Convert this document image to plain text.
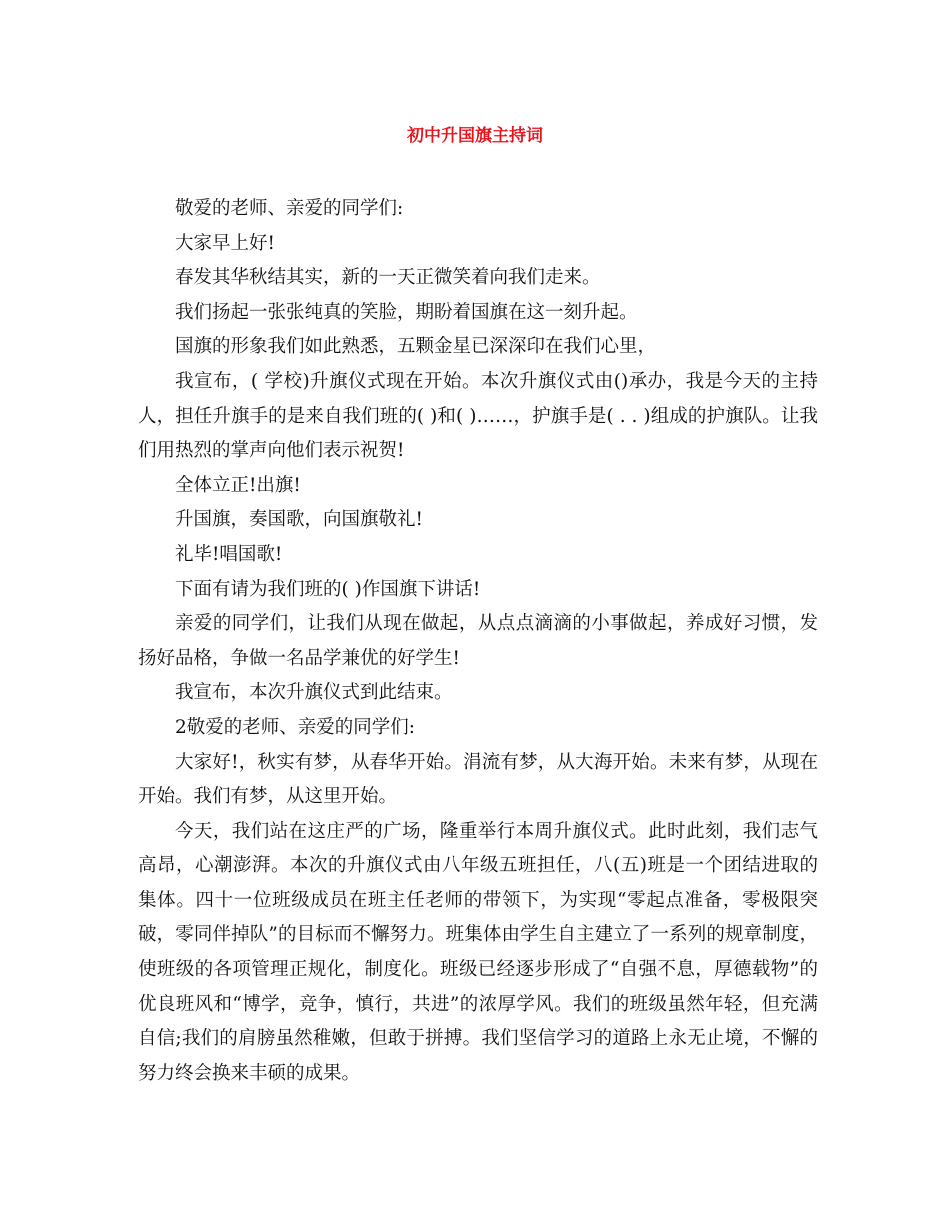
初中升国旗主持词

敬爱的老师、亲爱的同学们:

大家早上好!

春发其华秋结其实，新的一天正微笑着向我们走来。

我们扬起一张张纯真的笑脸，期盼着国旗在这一刻升起。

国旗的形象我们如此熟悉，五颗金星已深深印在我们心里，

我宣布，( 学校)升旗仪式现在开始。本次升旗仪式由()承办，我是今天的主持人，担任升旗手的是来自我们班的( )和( )……，护旗手是( . . )组成的护旗队。让我们用热烈的掌声向他们表示祝贺!

全体立正!出旗!

升国旗，奏国歌，向国旗敬礼!

礼毕!唱国歌!

下面有请为我们班的( )作国旗下讲话!

亲爱的同学们，让我们从现在做起，从点点滴滴的小事做起，养成好习惯，发扬好品格，争做一名品学兼优的好学生!

我宣布，本次升旗仪式到此结束。

2敬爱的老师、亲爱的同学们:

大家好!，秋实有梦，从春华开始。涓流有梦，从大海开始。未来有梦，从现在开始。我们有梦，从这里开始。

今天，我们站在这庄严的广场，隆重举行本周升旗仪式。此时此刻，我们志气高昂，心潮澎湃。本次的升旗仪式由八年级五班担任，八(五)班是一个团结进取的集体。四十一位班级成员在班主任老师的带领下，为实现“零起点准备，零极限突破，零同伴掉队”的目标而不懈努力。班集体由学生自主建立了一系列的规章制度，使班级的各项管理正规化，制度化。班级已经逐步形成了“自强不息，厚德载物”的优良班风和“博学，竞争，慎行，共进”的浓厚学风。我们的班级虽然年轻，但充满自信;我们的肩膀虽然稚嫩，但敢于拼搏。我们坚信学习的道路上永无止境，不懈的努力终会换来丰硕的成果。
